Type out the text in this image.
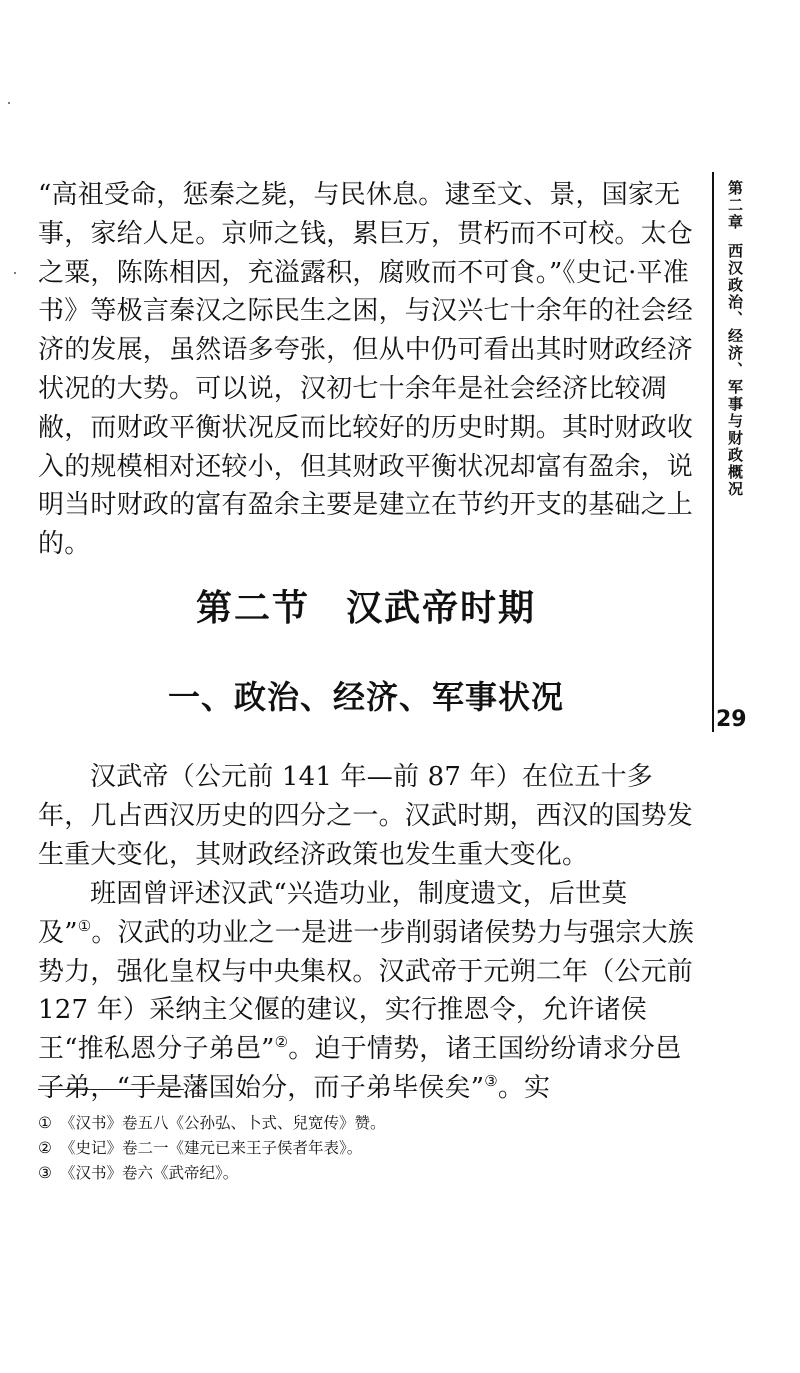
“高祖受命，惩秦之毙，与民休息。逮至文、景，国家无事，家给人足。京师之钱，累巨万，贯朽而不可校。太仓之粟，陈陈相因，充溢露积，腐败而不可食。”《史记·平准书》等极言秦汉之际民生之困，与汉兴七十余年的社会经济的发展，虽然语多夸张，但从中仍可看出其时财政经济状况的大势。可以说，汉初七十余年是社会经济比较凋敝，而财政平衡状况反而比较好的历史时期。其时财政收入的规模相对还较小，但其财政平衡状况却富有盈余，说明当时财政的富有盈余主要是建立在节约开支的基础之上的。

第二节 汉武帝时期
一、政治、经济、军事状况

汉武帝（公元前 141 年—前 87 年）在位五十多年，几占西汉历史的四分之一。汉武时期，西汉的国势发生重大变化，其财政经济政策也发生重大变化。

班固曾评述汉武“兴造功业，制度遗文，后世莫及”①。汉武的功业之一是进一步削弱诸侯势力与强宗大族势力，强化皇权与中央集权。汉武帝于元朔二年（公元前 127 年）采纳主父偃的建议，实行推恩令，允许诸侯王“推私恩分子弟邑”②。迫于情势，诸王国纷纷请求分邑子弟，“于是藩国始分，而子弟毕侯矣”③。实

① 《汉书》卷五八《公孙弘、卜式、兒宽传》赞。
② 《史记》卷二一《建元已来王子侯者年表》。
③ 《汉书》卷六《武帝纪》。
第二章西汉政治、经济、军事与财政概况
29
